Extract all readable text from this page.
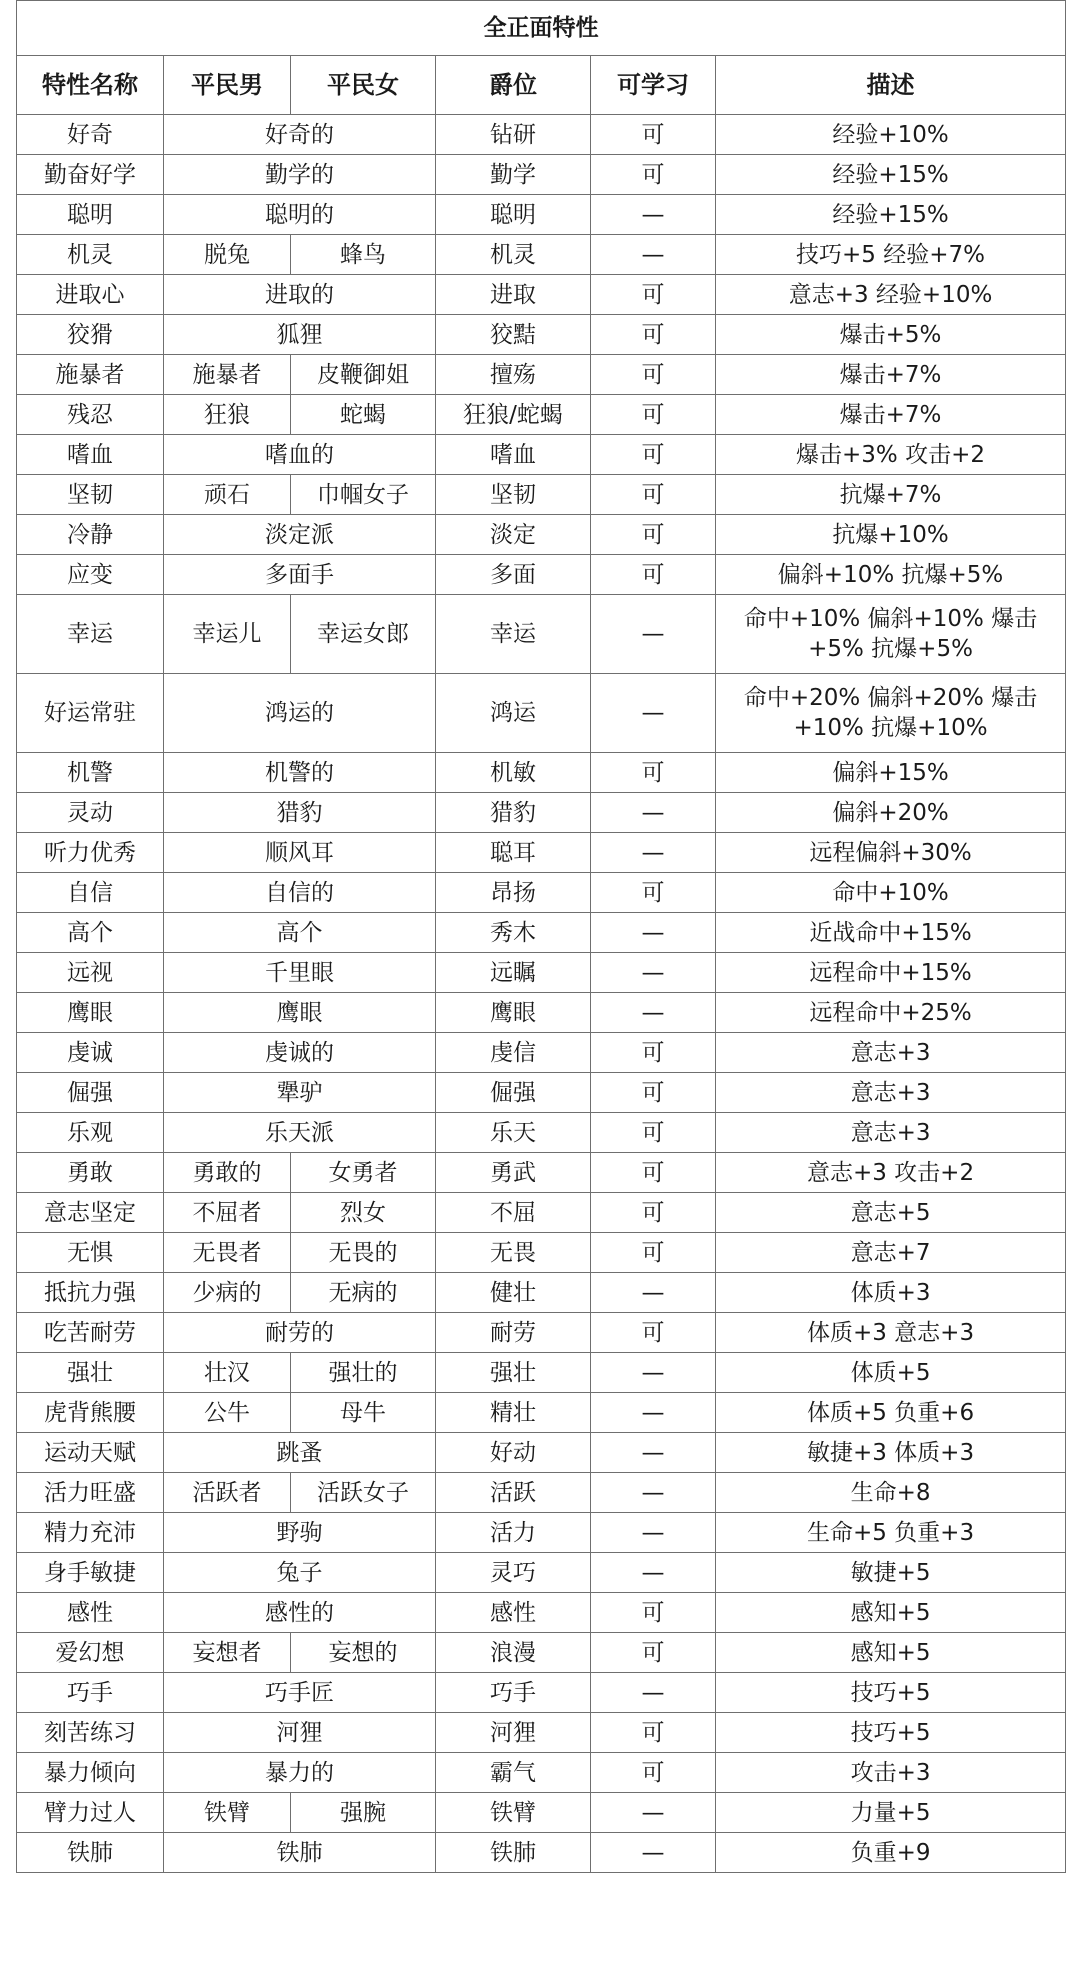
全正面特性					
特性名称	平民男	平民女	爵位	可学习	描述
好奇	好奇的		钻研	可	经验+10%
勤奋好学	勤学的		勤学	可	经验+15%
聪明	聪明的		聪明	—	经验+15%
机灵	脱兔	蜂鸟	机灵	—	技巧+5 经验+7%
进取心	进取的		进取	可	意志+3 经验+10%
狡猾	狐狸		狡黠	可	爆击+5%
施暴者	施暴者	皮鞭御姐	擅殇	可	爆击+7%
残忍	狂狼	蛇蝎	狂狼/蛇蝎	可	爆击+7%
嗜血	嗜血的		嗜血	可	爆击+3% 攻击+2
坚韧	顽石	巾帼女子	坚韧	可	抗爆+7%
冷静	淡定派		淡定	可	抗爆+10%
应变	多面手		多面	可	偏斜+10% 抗爆+5%
幸运	幸运儿	幸运女郎	幸运	—	命中+10% 偏斜+10% 爆击+5% 抗爆+5%
好运常驻	鸿运的		鸿运	—	命中+20% 偏斜+20% 爆击+10% 抗爆+10%
机警	机警的		机敏	可	偏斜+15%
灵动	猎豹		猎豹	—	偏斜+20%
听力优秀	顺风耳		聪耳	—	远程偏斜+30%
自信	自信的		昂扬	可	命中+10%
高个	高个		秀木	—	近战命中+15%
远视	千里眼		远瞩	—	远程命中+15%
鹰眼	鹰眼		鹰眼	—	远程命中+25%
虔诚	虔诚的		虔信	可	意志+3
倔强	犟驴		倔强	可	意志+3
乐观	乐天派		乐天	可	意志+3
勇敢	勇敢的	女勇者	勇武	可	意志+3 攻击+2
意志坚定	不屈者	烈女	不屈	可	意志+5
无惧	无畏者	无畏的	无畏	可	意志+7
抵抗力强	少病的	无病的	健壮	—	体质+3
吃苦耐劳	耐劳的		耐劳	可	体质+3 意志+3
强壮	壮汉	强壮的	强壮	—	体质+5
虎背熊腰	公牛	母牛	精壮	—	体质+5 负重+6
运动天赋	跳蚤		好动	—	敏捷+3 体质+3
活力旺盛	活跃者	活跃女子	活跃	—	生命+8
精力充沛	野驹		活力	—	生命+5 负重+3
身手敏捷	兔子		灵巧	—	敏捷+5
感性	感性的		感性	可	感知+5
爱幻想	妄想者	妄想的	浪漫	可	感知+5
巧手	巧手匠		巧手	—	技巧+5
刻苦练习	河狸		河狸	可	技巧+5
暴力倾向	暴力的		霸气	可	攻击+3
臂力过人	铁臂	强腕	铁臂	—	力量+5
铁肺	铁肺		铁肺	—	负重+9
